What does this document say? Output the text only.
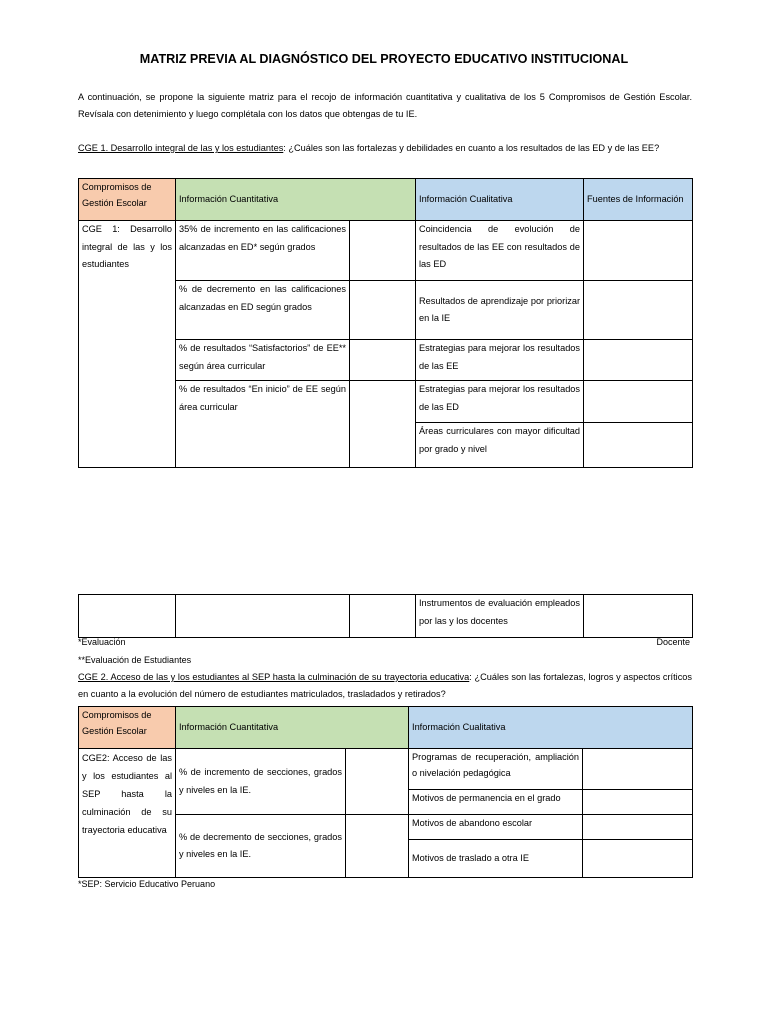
MATRIZ PREVIA AL DIAGNÓSTICO DEL PROYECTO EDUCATIVO INSTITUCIONAL
A continuación, se propone la siguiente matriz para el recojo de información cuantitativa y cualitativa de los 5 Compromisos de Gestión Escolar. Revísala con detenimiento y luego complétala con los datos que obtengas de tu IE.
CGE 1. Desarrollo integral de las y los estudiantes: ¿Cuáles son las fortalezas y debilidades en cuanto a los resultados de las ED y de las EE?
Compromisos de Gestión Escolar	Información Cuantitativa		Información Cualitativa	Fuentes de Información
CGE 1: Desarrollo integral de las y los estudiantes	35% de incremento en las calificaciones alcanzadas en ED* según grados		Coincidencia de evolución de resultados de las EE con resultados de las ED	
	% de decremento en las calificaciones alcanzadas en ED según grados		Resultados de aprendizaje por priorizar en la IE	
	% de resultados “Satisfactorios” de EE** según área curricular		Estrategias para mejorar los resultados de las EE	
	% de resultados “En inicio” de EE según área curricular		Estrategias para mejorar los resultados de las ED	
			Áreas curriculares con mayor dificultad por grado y nivel	
			Instrumentos de evaluación empleados por las y los docentes	
*Evaluación	Docente
**Evaluación de Estudiantes
CGE 2. Acceso de las y los estudiantes al SEP hasta la culminación de su trayectoria educativa: ¿Cuáles son las fortalezas, logros y aspectos críticos en cuanto a la evolución del número de estudiantes matriculados, trasladados y retirados?
Compromisos de Gestión Escolar	Información Cuantitativa		Información Cualitativa	
CGE2: Acceso de las y los estudiantes al SEP hasta la culminación de su trayectoria educativa	% de incremento de secciones, grados y niveles en la IE.		Programas de recuperación, ampliación o nivelación pedagógica	
			Motivos de permanencia en el grado	
	% de decremento de secciones, grados y niveles en la IE.		Motivos de abandono escolar	
			Motivos de traslado a otra IE	
*SEP: Servicio Educativo Peruano
